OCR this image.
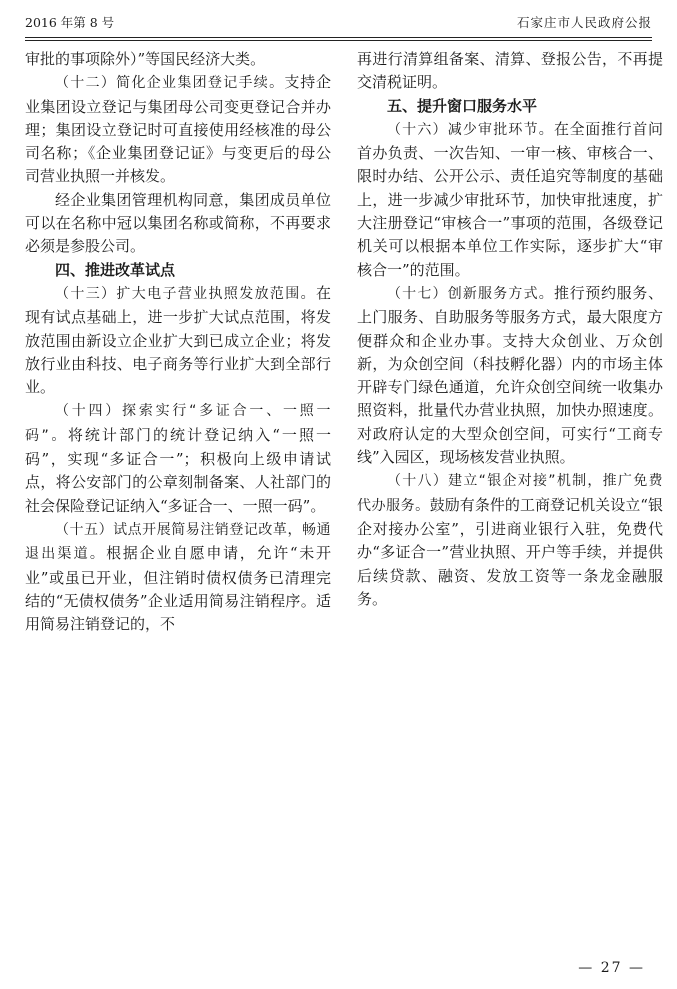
2016 年第 8 号	石家庄市人民政府公报

审批的事项除外）”等国民经济大类。

（十二）简化企业集团登记手续。支持企业集团设立登记与集团母公司变更登记合并办理；集团设立登记时可直接使用经核准的母公司名称；《企业集团登记证》与变更后的母公司营业执照一并核发。

经企业集团管理机构同意，集团成员单位可以在名称中冠以集团名称或简称，不再要求必须是参股公司。

四、推进改革试点

（十三）扩大电子营业执照发放范围。在现有试点基础上，进一步扩大试点范围，将发放范围由新设立企业扩大到已成立企业；将发放行业由科技、电子商务等行业扩大到全部行业。

（十四）探索实行“多证合一、一照一码”。将统计部门的统计登记纳入“一照一码”，实现“多证合一”；积极向上级申请试点，将公安部门的公章刻制备案、人社部门的社会保险登记证纳入“多证合一、一照一码”。

（十五）试点开展简易注销登记改革，畅通退出渠道。根据企业自愿申请，允许“未开业”或虽已开业，但注销时债权债务已清理完结的“无债权债务”企业适用简易注销程序。适用简易注销登记的，不

再进行清算组备案、清算、登报公告，不再提交清税证明。

五、提升窗口服务水平

（十六）减少审批环节。在全面推行首问首办负责、一次告知、一审一核、审核合一、限时办结、公开公示、责任追究等制度的基础上，进一步减少审批环节，加快审批速度，扩大注册登记“审核合一”事项的范围，各级登记机关可以根据本单位工作实际，逐步扩大“审核合一”的范围。

（十七）创新服务方式。推行预约服务、上门服务、自助服务等服务方式，最大限度方便群众和企业办事。支持大众创业、万众创新，为众创空间（科技孵化器）内的市场主体开辟专门绿色通道，允许众创空间统一收集办照资料，批量代办营业执照，加快办照速度。对政府认定的大型众创空间，可实行“工商专线”入园区，现场核发营业执照。

（十八）建立“银企对接”机制，推广免费代办服务。鼓励有条件的工商登记机关设立“银企对接办公室”，引进商业银行入驻，免费代办“多证合一”营业执照、开户等手续，并提供后续贷款、融资、发放工资等一条龙金融服务。

— 27 —
